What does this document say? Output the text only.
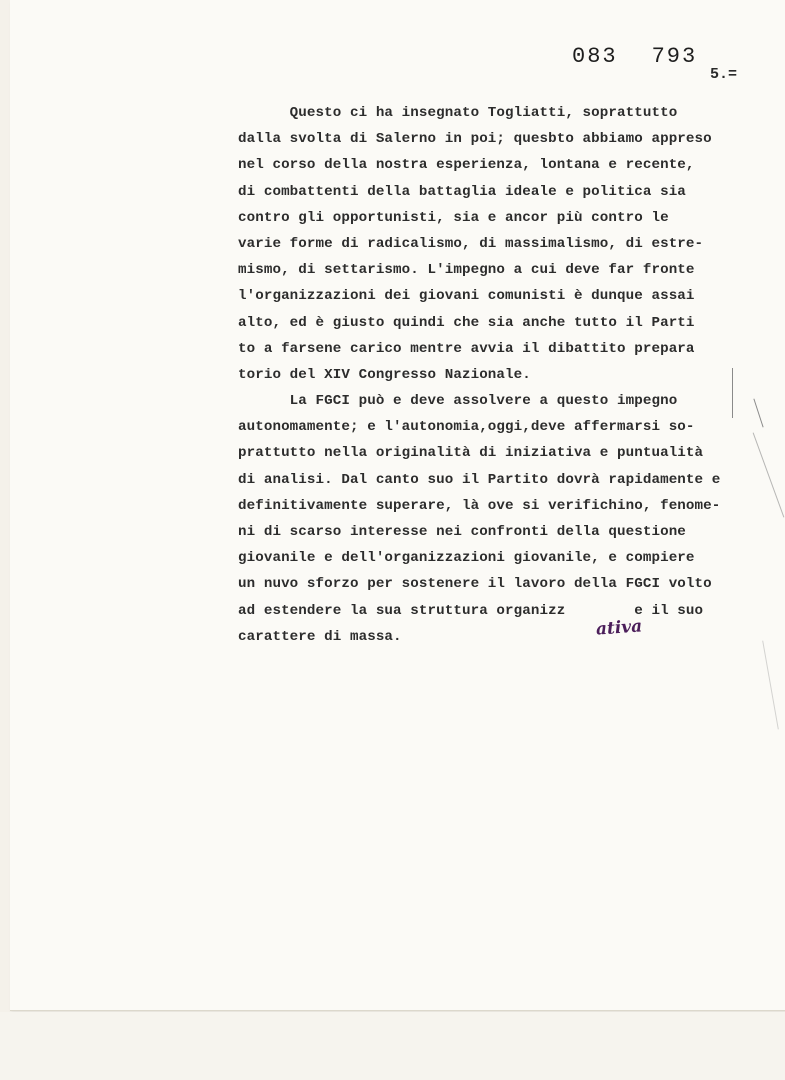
083 793
5.=
Questo ci ha insegnato Togliatti, soprattutto
dalla svolta di Salerno in poi; quesbto abbiamo appreso
nel corso della nostra esperienza, lontana e recente,
di combattenti della battaglia ideale e politica sia
contro gli opportunisti, sia e ancor più contro le
varie forme di radicalismo, di massimalismo, di estre-
mismo, di settarismo. L'impegno a cui deve far fronte
l'organizzazioni dei giovani comunisti è dunque assai
alto, ed è giusto quindi che sia anche tutto il Parti
to a farsene carico mentre avvia il dibattito prepara
torio del XIV Congresso Nazionale.
La FGCI può e deve assolvere a questo impegno
autonomamente; e l'autonomia,oggi,deve affermarsi so-
prattutto nella originalità di iniziativa e puntualità
di analisi. Dal canto suo il Partito dovrà rapidamente e
definitivamente superare, là ove si verifichino, fenome-
ni di scarso interesse nei confronti della questione
giovanile e dell'organizzazioni giovanile, e compiere
un nuvo sforzo per sostenere il lavoro della FGCI volto
ad estendere la sua struttura organizz        e il suo
carattere di massa.	ativa
